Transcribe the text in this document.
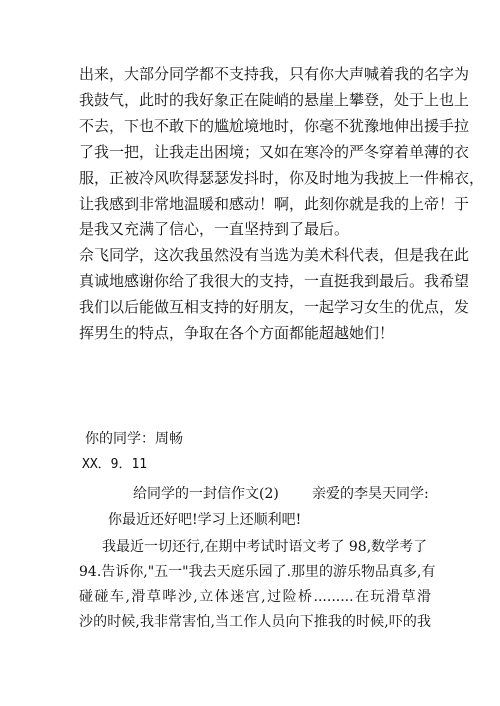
出来，大部分同学都不支持我，只有你大声喊着我的名字为
我鼓气，此时的我好象正在陡峭的悬崖上攀登，处于上也上
不去，下也不敢下的尴尬境地时，你毫不犹豫地伸出援手拉
了我一把，让我走出困境；又如在寒冷的严冬穿着单薄的衣
服，正被冷风吹得瑟瑟发抖时，你及时地为我披上一件棉衣，
让我感到非常地温暖和感动！啊，此刻你就是我的上帝！于
是我又充满了信心，一直坚持到了最后。
佘飞同学，这次我虽然没有当选为美术科代表，但是我在此
真诚地感谢你给了我很大的支持，一直挺我到最后。我希望
我们以后能做互相支持的好朋友，一起学习女生的优点，发
挥男生的特点，争取在各个方面都能超越她们！
你的同学：周畅
XX．9．11
给同学的一封信作文(2) 亲爱的李昊天同学:
你最近还好吧!学习上还顺利吧!
我最近一切还行,在期中考试时语文考了 98,数学考了
94.告诉你,"五一"我去天庭乐园了.那里的游乐物品真多,有
碰碰车,滑草哔沙,立体迷宫,过险桥.........在玩滑草滑
沙的时候,我非常害怕,当工作人员向下推我的时候,吓的我
